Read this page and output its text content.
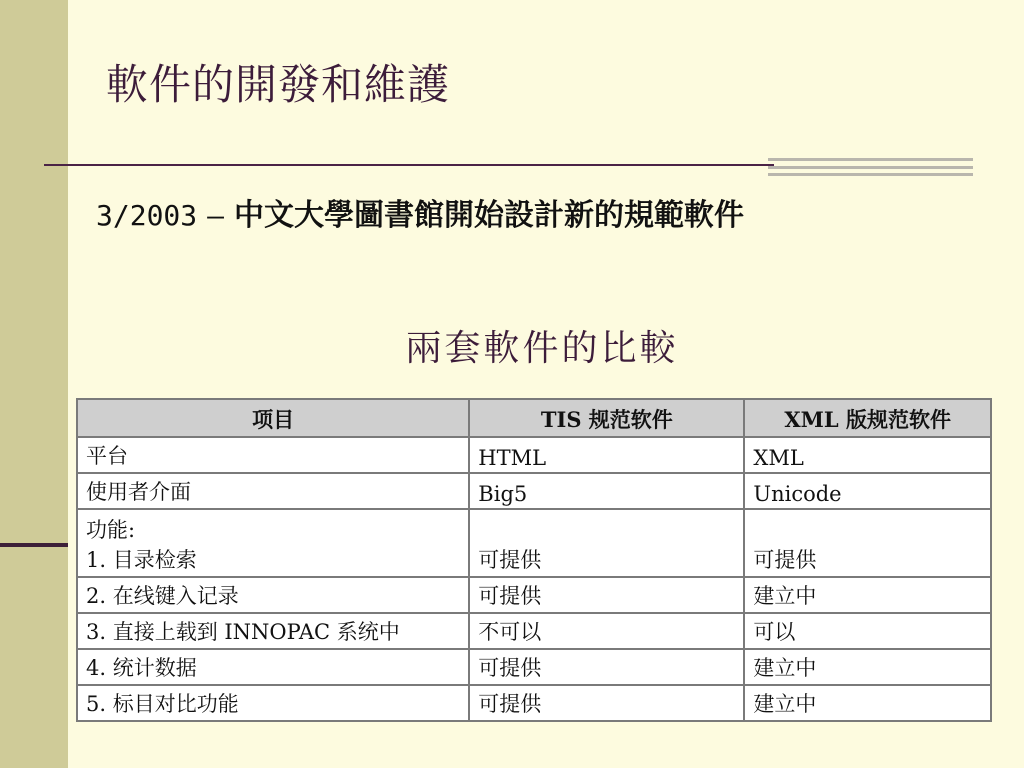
軟件的開發和維護
3/2003 – 中文大學圖書館開始設計新的規範軟件
兩套軟件的比較
项目	TIS 规范软件	XML 版规范软件
平台	HTML	XML
使用者介面	Big5	Unicode

功能:
1. 目录检索	可提供	可提供
2. 在线键入记录	可提供	建立中
3. 直接上载到 INNOPAC 系统中	不可以	可以
4. 统计数据	可提供	建立中
5. 标目对比功能	可提供	建立中
